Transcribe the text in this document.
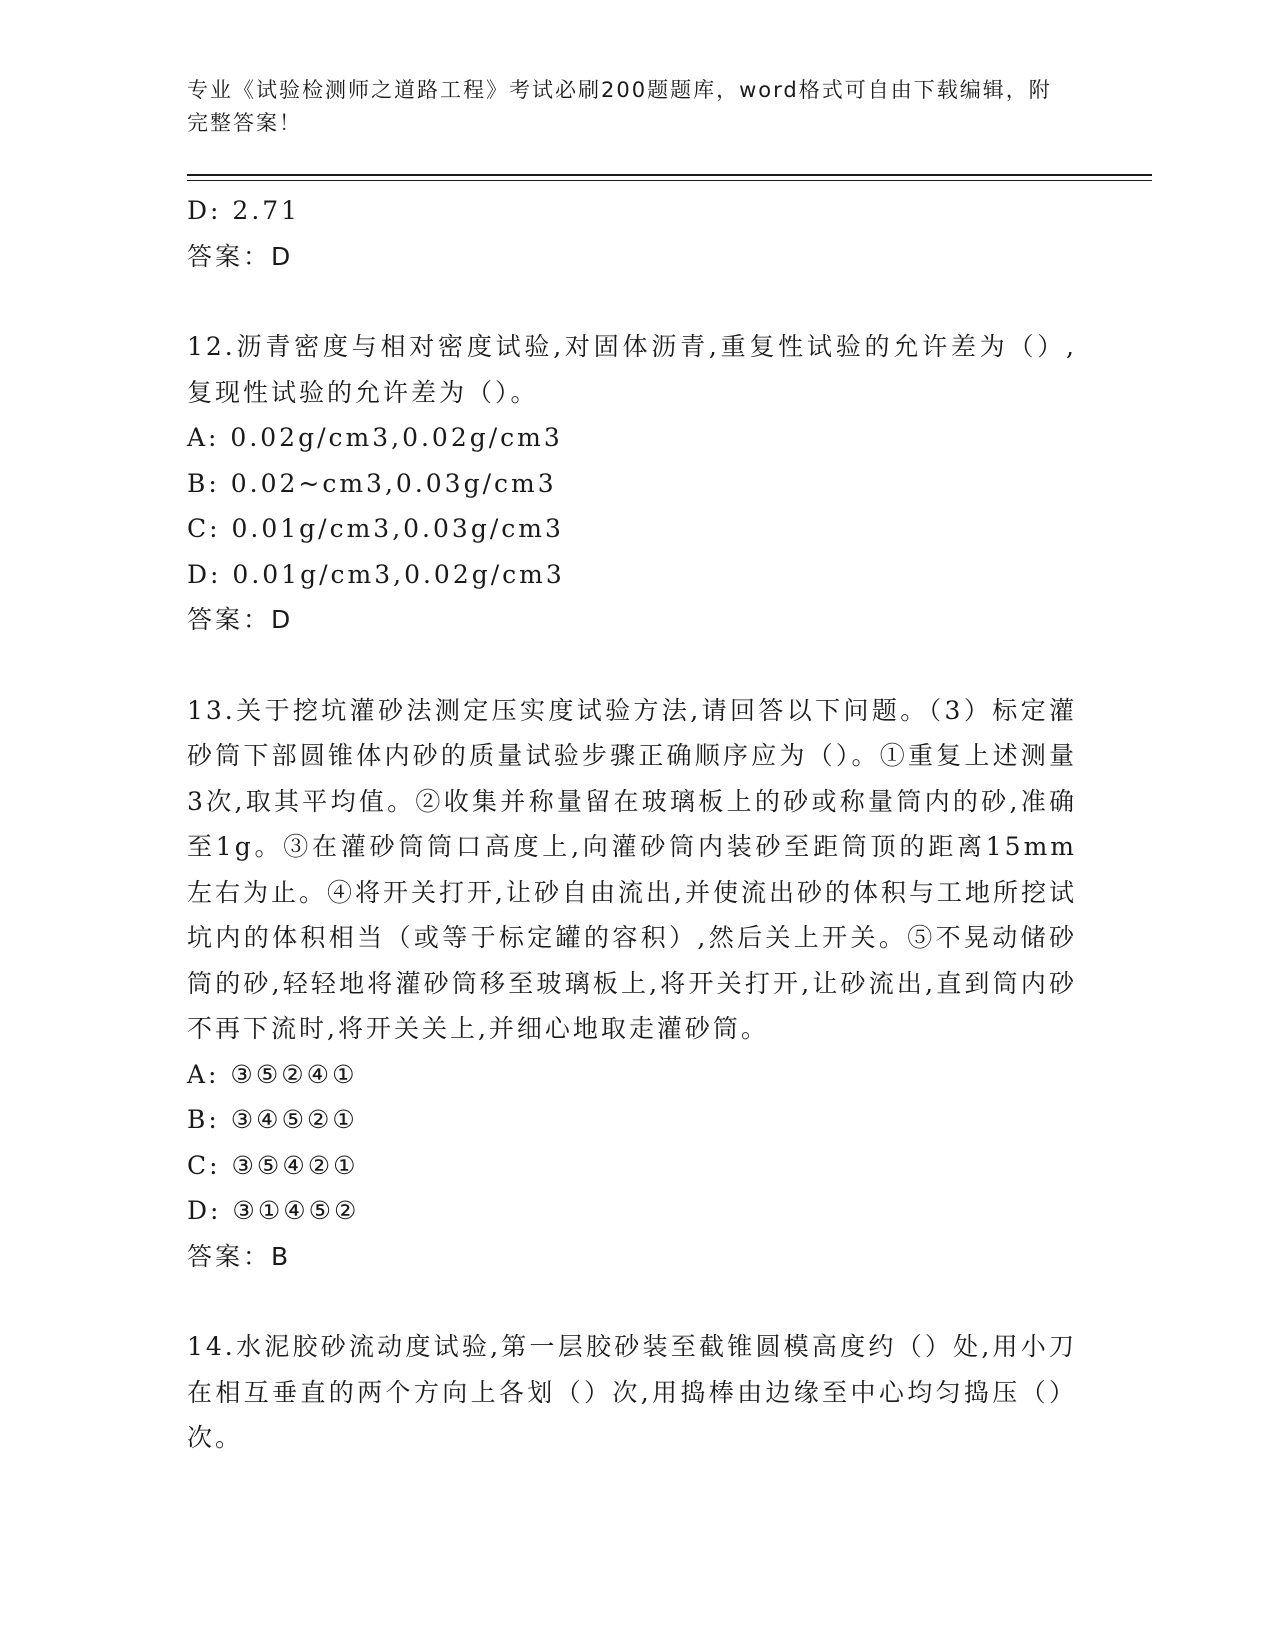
专业《试验检测师之道路工程》考试必刷200题题库，word格式可自由下载编辑，附完整答案！
D: 2.71
答案：D
12.沥青密度与相对密度试验,对固体沥青,重复性试验的允许差为（）,复现性试验的允许差为（）。
A: 0.02g/cm3,0.02g/cm3
B: 0.02~cm3,0.03g/cm3
C: 0.01g/cm3,0.03g/cm3
D: 0.01g/cm3,0.02g/cm3
答案：D
13.关于挖坑灌砂法测定压实度试验方法,请回答以下问题。（3）标定灌砂筒下部圆锥体内砂的质量试验步骤正确顺序应为（）。①重复上述测量3次,取其平均值。②收集并称量留在玻璃板上的砂或称量筒内的砂,准确至1g。③在灌砂筒筒口高度上,向灌砂筒内装砂至距筒顶的距离15mm左右为止。④将开关打开,让砂自由流出,并使流出砂的体积与工地所挖试坑内的体积相当（或等于标定罐的容积）,然后关上开关。⑤不晃动储砂筒的砂,轻轻地将灌砂筒移至玻璃板上,将开关打开,让砂流出,直到筒内砂不再下流时,将开关关上,并细心地取走灌砂筒。
A: ③⑤②④①
B: ③④⑤②①
C: ③⑤④②①
D: ③①④⑤②
答案：B
14.水泥胶砂流动度试验,第一层胶砂装至截锥圆模高度约（）处,用小刀在相互垂直的两个方向上各划（）次,用捣棒由边缘至中心均匀捣压（）次。
